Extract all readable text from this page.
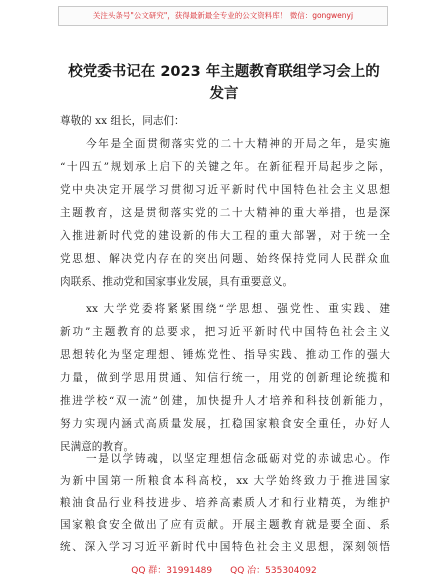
关注头条号"公文研究"，获得最新最全专业的公文资料库！ 微信：gongwenyj
校党委书记在 2023 年主题教育联组学习会上的
发言
尊敬的 xx 组长，同志们：
今年是全面贯彻落实党的二十大精神的开局之年，是实施
“十四五”规划承上启下的关键之年。在新征程开局起步之际，
党中央决定开展学习贯彻习近平新时代中国特色社会主义思想
主题教育，这是贯彻落实党的二十大精神的重大举措，也是深
入推进新时代党的建设新的伟大工程的重大部署，对于统一全
党思想、解决党内存在的突出问题、始终保持党同人民群众血
肉联系、推动党和国家事业发展，具有重要意义。
xx 大学党委将紧紧围绕“学思想、强党性、重实践、建
新功”主题教育的总要求，把习近平新时代中国特色社会主义
思想转化为坚定理想、锤炼党性、指导实践、推动工作的强大
力量，做到学思用贯通、知信行统一，用党的创新理论统揽和
推进学校“双一流”创建，加快提升人才培养和科技创新能力，
努力实现内涵式高质量发展，扛稳国家粮食安全重任，办好人
民满意的教育。
一是以学铸魂，以坚定理想信念砥砺对党的赤诚忠心。作
为新中国第一所粮食本科高校，xx 大学始终致力于推进国家
粮油食品行业科技进步、培养高素质人才和行业精英，为维护
QQ 群：31991489 QQ 冶：535304092
国家粮食安全做出了应有贡献。开展主题教育就是要全面、系
统、深入学习习近平新时代中国特色社会主义思想，深刻领悟
